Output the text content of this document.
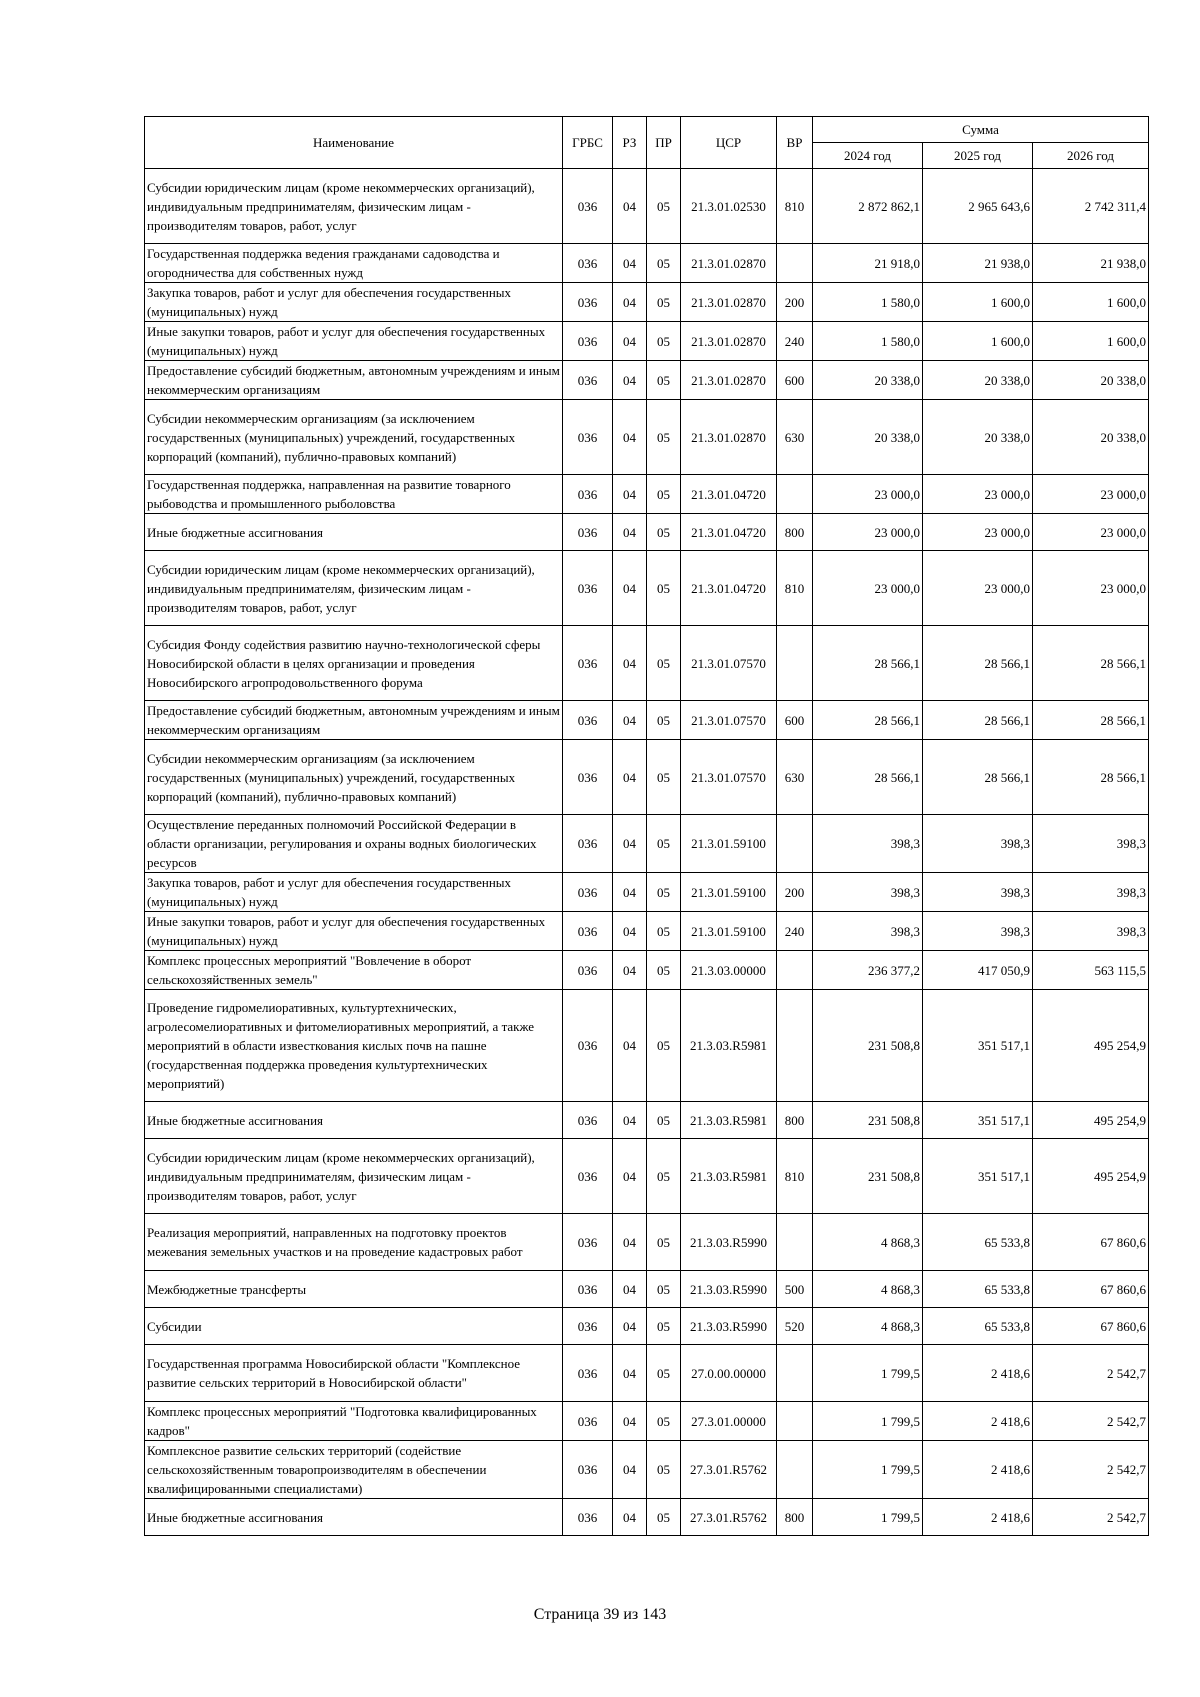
Наименование	ГРБС	РЗ	ПР	ЦСР	ВР	Сумма		
						2024 год	2025 год	2026 год
Субсидии юридическим лицам (кроме некоммерческих организаций), индивидуальным предпринимателям, физическим лицам - производителям товаров, работ, услуг	036	04	05	21.3.01.02530	810	2 872 862,1	2 965 643,6	2 742 311,4
Государственная поддержка ведения гражданами садоводства и огородничества для собственных нужд	036	04	05	21.3.01.02870		21 918,0	21 938,0	21 938,0
Закупка товаров, работ и услуг для обеспечения государственных (муниципальных) нужд	036	04	05	21.3.01.02870	200	1 580,0	1 600,0	1 600,0
Иные закупки товаров, работ и услуг для обеспечения государственных (муниципальных) нужд	036	04	05	21.3.01.02870	240	1 580,0	1 600,0	1 600,0
Предоставление субсидий бюджетным, автономным учреждениям и иным некоммерческим организациям	036	04	05	21.3.01.02870	600	20 338,0	20 338,0	20 338,0
Субсидии некоммерческим организациям (за исключением государственных (муниципальных) учреждений, государственных корпораций (компаний), публично-правовых компаний)	036	04	05	21.3.01.02870	630	20 338,0	20 338,0	20 338,0
Государственная поддержка, направленная на развитие товарного рыбоводства и промышленного рыболовства	036	04	05	21.3.01.04720		23 000,0	23 000,0	23 000,0
Иные бюджетные ассигнования	036	04	05	21.3.01.04720	800	23 000,0	23 000,0	23 000,0
Субсидии юридическим лицам (кроме некоммерческих организаций), индивидуальным предпринимателям, физическим лицам - производителям товаров, работ, услуг	036	04	05	21.3.01.04720	810	23 000,0	23 000,0	23 000,0
Субсидия Фонду содействия развитию научно-технологической сферы Новосибирской области в целях организации и проведения Новосибирского агропродовольственного форума	036	04	05	21.3.01.07570		28 566,1	28 566,1	28 566,1
Предоставление субсидий бюджетным, автономным учреждениям и иным некоммерческим организациям	036	04	05	21.3.01.07570	600	28 566,1	28 566,1	28 566,1
Субсидии некоммерческим организациям (за исключением государственных (муниципальных) учреждений, государственных корпораций (компаний), публично-правовых компаний)	036	04	05	21.3.01.07570	630	28 566,1	28 566,1	28 566,1
Осуществление переданных полномочий Российской Федерации в области организации, регулирования и охраны водных биологических ресурсов	036	04	05	21.3.01.59100		398,3	398,3	398,3
Закупка товаров, работ и услуг для обеспечения государственных (муниципальных) нужд	036	04	05	21.3.01.59100	200	398,3	398,3	398,3
Иные закупки товаров, работ и услуг для обеспечения государственных (муниципальных) нужд	036	04	05	21.3.01.59100	240	398,3	398,3	398,3
Комплекс процессных мероприятий "Вовлечение в оборот сельскохозяйственных земель"	036	04	05	21.3.03.00000		236 377,2	417 050,9	563 115,5
Проведение гидромелиоративных, культуртехнических, агролесомелиоративных и фитомелиоративных мероприятий, а также мероприятий в области известкования кислых почв на пашне (государственная поддержка проведения культуртехнических мероприятий)	036	04	05	21.3.03.R5981		231 508,8	351 517,1	495 254,9
Иные бюджетные ассигнования	036	04	05	21.3.03.R5981	800	231 508,8	351 517,1	495 254,9
Субсидии юридическим лицам (кроме некоммерческих организаций), индивидуальным предпринимателям, физическим лицам - производителям товаров, работ, услуг	036	04	05	21.3.03.R5981	810	231 508,8	351 517,1	495 254,9
Реализация мероприятий, направленных на подготовку проектов межевания земельных участков и на проведение кадастровых работ	036	04	05	21.3.03.R5990		4 868,3	65 533,8	67 860,6
Межбюджетные трансферты	036	04	05	21.3.03.R5990	500	4 868,3	65 533,8	67 860,6
Субсидии	036	04	05	21.3.03.R5990	520	4 868,3	65 533,8	67 860,6
Государственная программа Новосибирской области "Комплексное развитие сельских территорий в Новосибирской области"	036	04	05	27.0.00.00000		1 799,5	2 418,6	2 542,7
Комплекс процессных мероприятий "Подготовка квалифицированных кадров"	036	04	05	27.3.01.00000		1 799,5	2 418,6	2 542,7
Комплексное развитие сельских территорий (содействие сельскохозяйственным товаропроизводителям в обеспечении квалифицированными специалистами)	036	04	05	27.3.01.R5762		1 799,5	2 418,6	2 542,7
Иные бюджетные ассигнования	036	04	05	27.3.01.R5762	800	1 799,5	2 418,6	2 542,7
Страница 39 из 143
